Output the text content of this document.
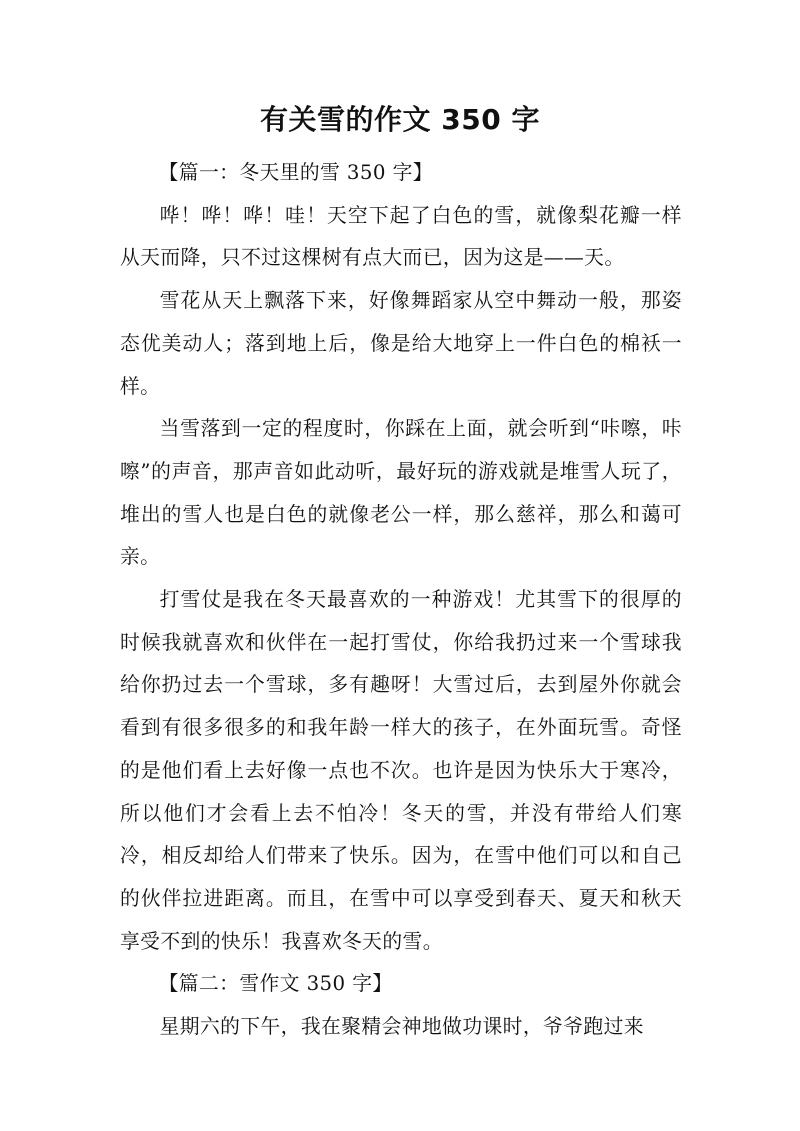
有关雪的作文 350 字

【篇一：冬天里的雪 350 字】

哗！哗！哗！哇！天空下起了白色的雪，就像梨花瓣一样从天而降，只不过这棵树有点大而已，因为这是——天。

雪花从天上飘落下来，好像舞蹈家从空中舞动一般，那姿态优美动人；落到地上后，像是给大地穿上一件白色的棉袄一样。

当雪落到一定的程度时，你踩在上面，就会听到“咔嚓，咔嚓”的声音，那声音如此动听，最好玩的游戏就是堆雪人玩了，堆出的雪人也是白色的就像老公一样，那么慈祥，那么和蔼可亲。

打雪仗是我在冬天最喜欢的一种游戏！尤其雪下的很厚的时候我就喜欢和伙伴在一起打雪仗，你给我扔过来一个雪球我给你扔过去一个雪球，多有趣呀！大雪过后，去到屋外你就会看到有很多很多的和我年龄一样大的孩子，在外面玩雪。奇怪的是他们看上去好像一点也不次。也许是因为快乐大于寒冷，所以他们才会看上去不怕冷！冬天的雪，并没有带给人们寒冷，相反却给人们带来了快乐。因为，在雪中他们可以和自己的伙伴拉进距离。而且，在雪中可以享受到春天、夏天和秋天享受不到的快乐！我喜欢冬天的雪。

【篇二：雪作文 350 字】

星期六的下午，我在聚精会神地做功课时，爷爷跑过来
